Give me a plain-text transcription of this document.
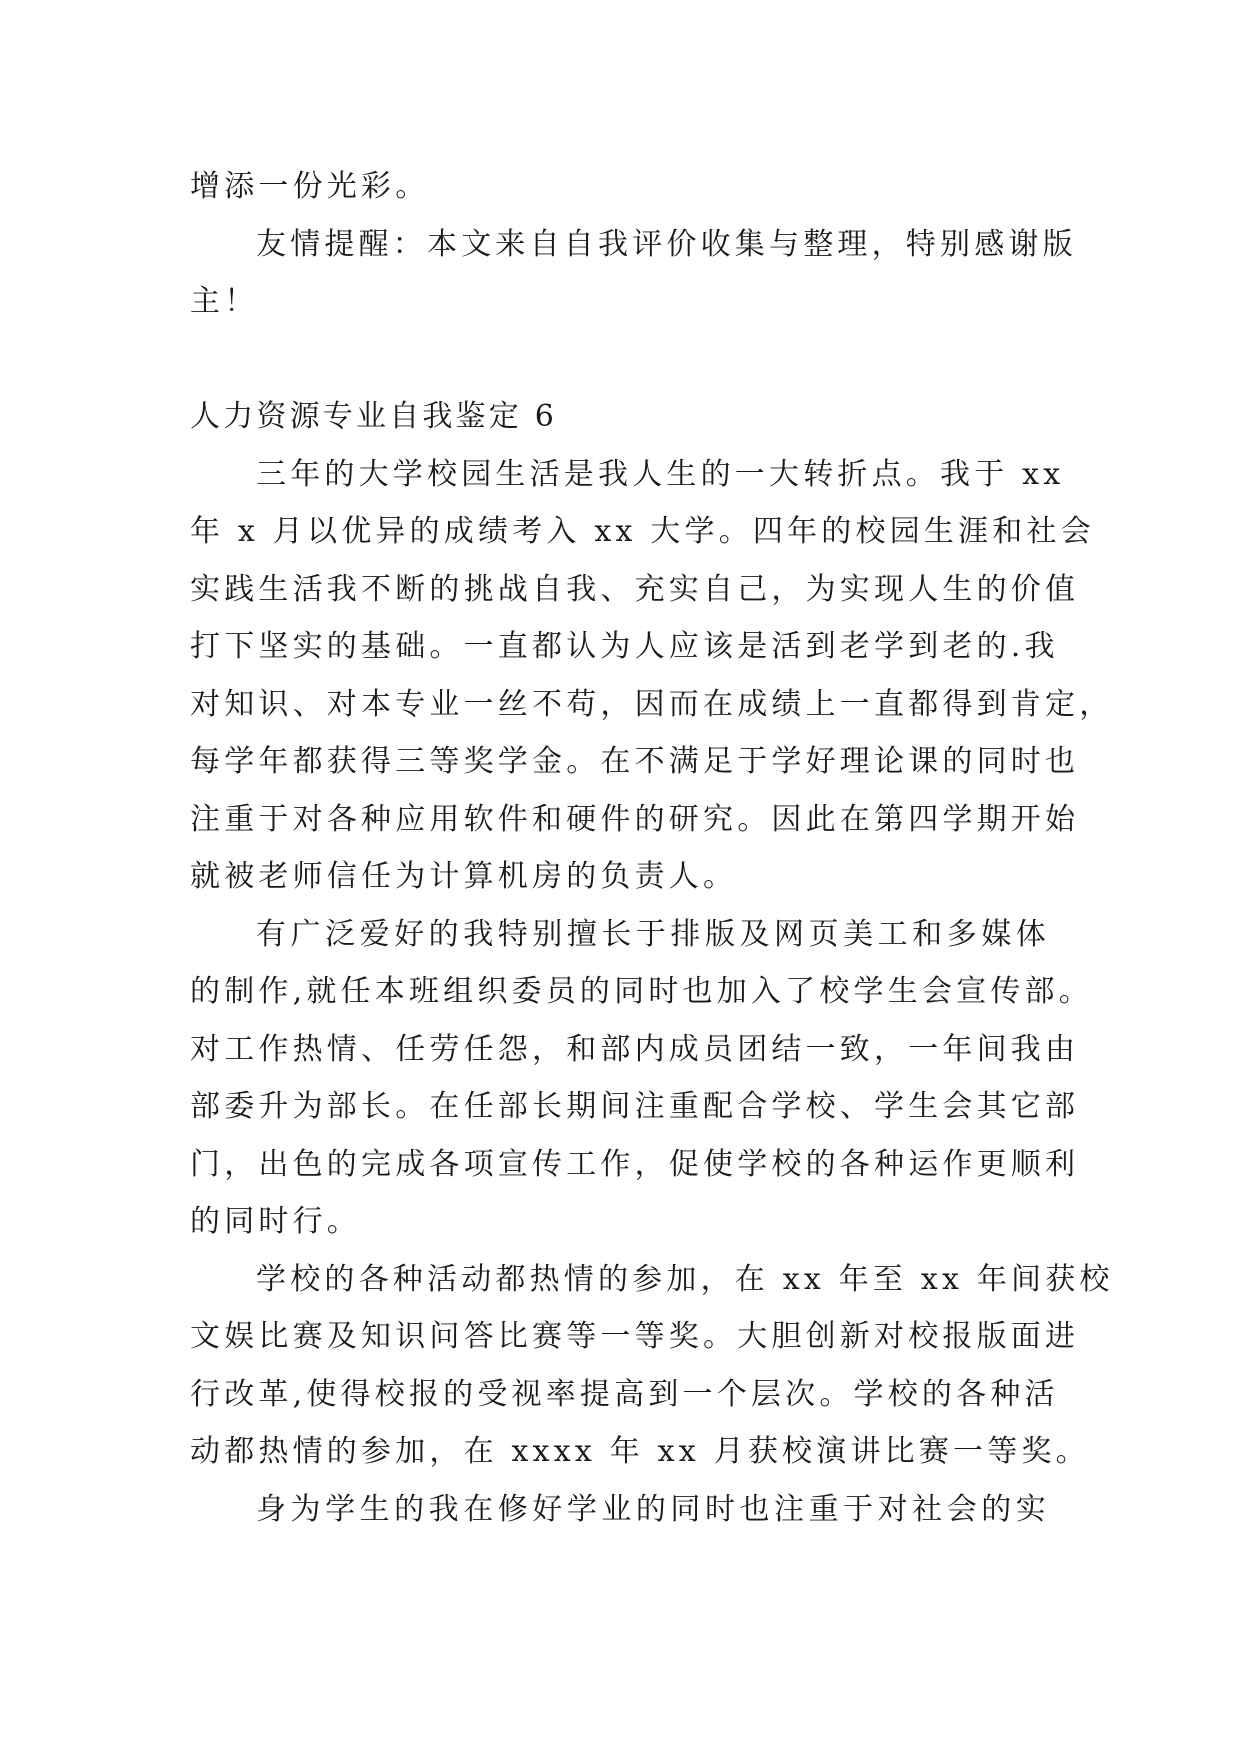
增添一份光彩。
友情提醒：本文来自自我评价收集与整理，特别感谢版
主！
人力资源专业自我鉴定 6
三年的大学校园生活是我人生的一大转折点。我于 xx
年 x 月以优异的成绩考入 xx 大学。四年的校园生涯和社会
实践生活我不断的挑战自我、充实自己，为实现人生的价值
打下坚实的基础。一直都认为人应该是活到老学到老的.我
对知识、对本专业一丝不苟，因而在成绩上一直都得到肯定，
每学年都获得三等奖学金。在不满足于学好理论课的同时也
注重于对各种应用软件和硬件的研究。因此在第四学期开始
就被老师信任为计算机房的负责人。
有广泛爱好的我特别擅长于排版及网页美工和多媒体
的制作,就任本班组织委员的同时也加入了校学生会宣传部。
对工作热情、任劳任怨，和部内成员团结一致，一年间我由
部委升为部长。在任部长期间注重配合学校、学生会其它部
门，出色的完成各项宣传工作，促使学校的各种运作更顺利
的同时行。
学校的各种活动都热情的参加，在 xx 年至 xx 年间获校
文娱比赛及知识问答比赛等一等奖。大胆创新对校报版面进
行改革,使得校报的受视率提高到一个层次。学校的各种活
动都热情的参加，在 xxxx 年 xx 月获校演讲比赛一等奖。
身为学生的我在修好学业的同时也注重于对社会的实
